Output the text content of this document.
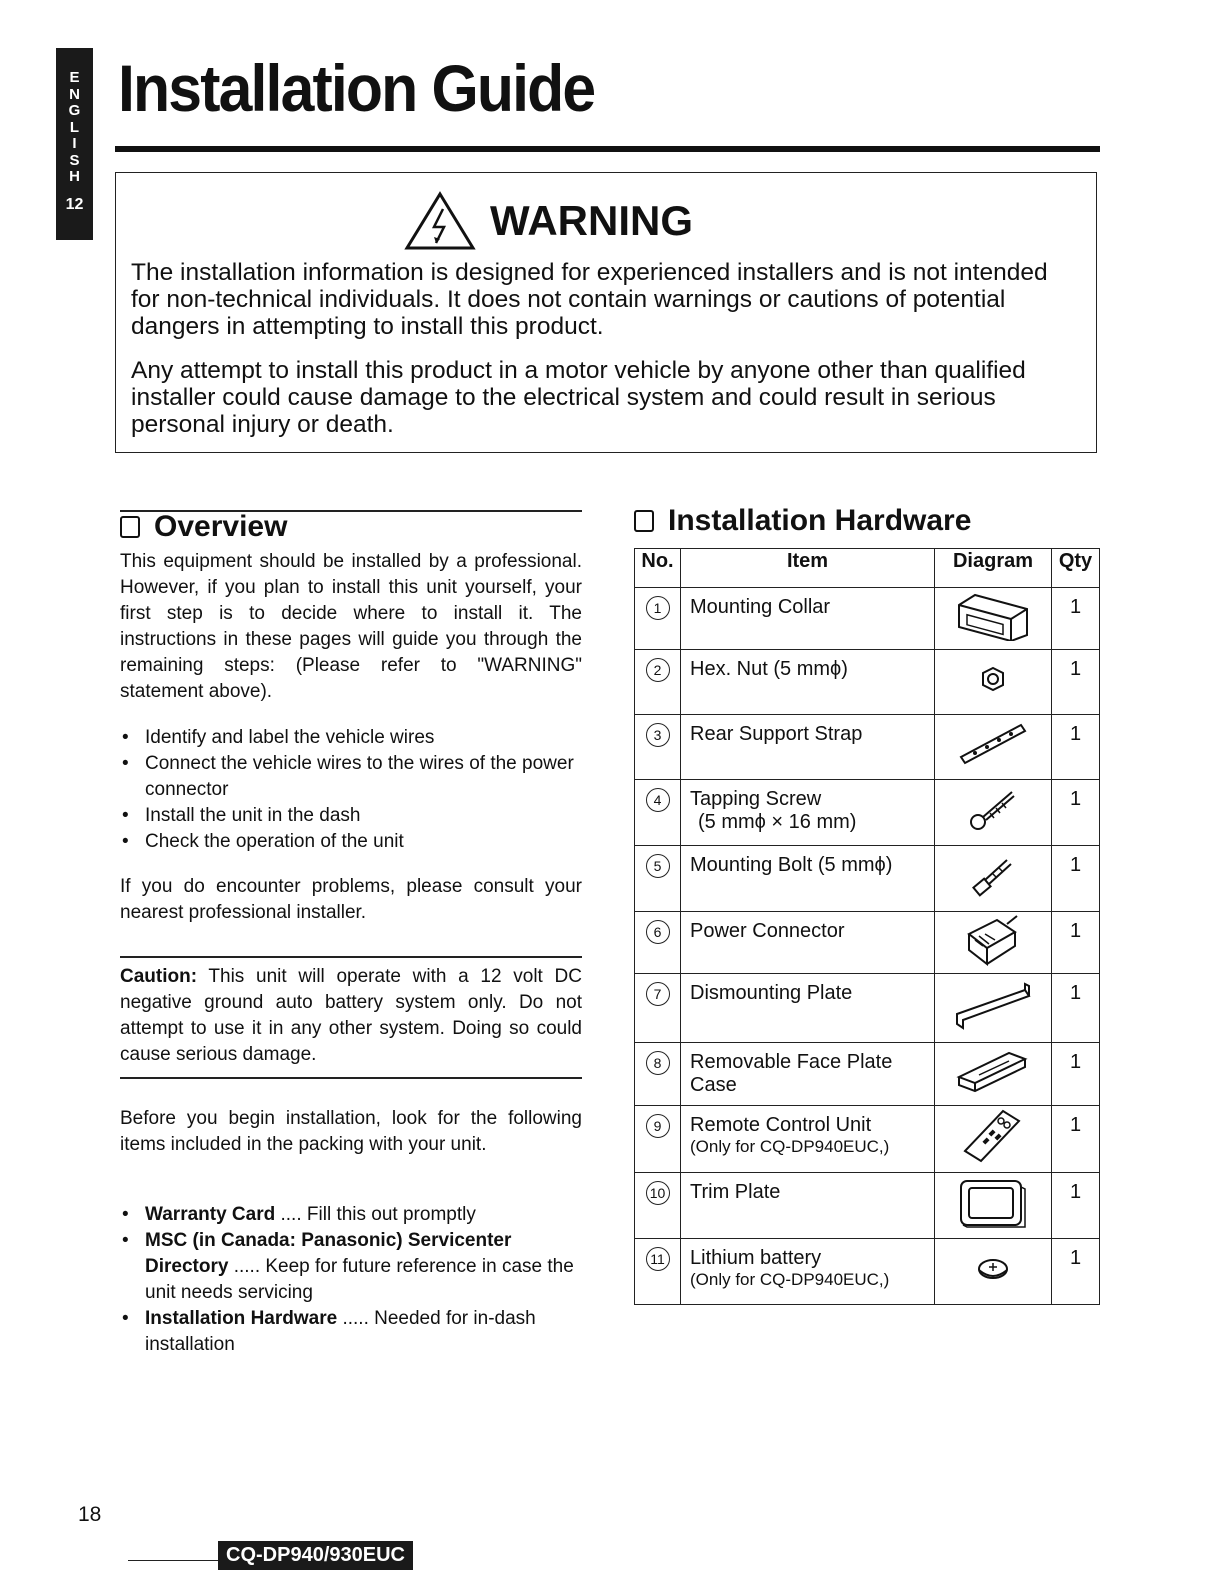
E
N
G
L
I
S
H
12
Installation Guide
WARNING

The installation information is designed for experienced installers and is not intended for non-technical individuals. It does not contain warnings or cautions of potential dangers in attempting to install this product.

Any attempt to install this product in a motor vehicle by anyone other than qualified installer could cause damage to the electrical system and could result in serious personal injury or death.

Overview

This equipment should be installed by a professional. However, if you plan to install this unit yourself, your first step is to decide where to install it. The instructions in these pages will guide you through the remaining steps: (Please refer to "WARNING" statement above).

• Identify and label the vehicle wires
• Connect the vehicle wires to the wires of the power connector
• Install the unit in the dash
• Check the operation of the unit

If you do encounter problems, please consult your nearest professional installer.

Caution: This unit will operate with a 12 volt DC negative ground auto battery system only. Do not attempt to use it in any other system. Doing so could cause serious damage.

Before you begin installation, look for the following items included in the packing with your unit.

• Warranty Card .... Fill this out promptly
• MSC (in Canada: Panasonic) Servicenter Directory ..... Keep for future reference in case the unit needs servicing
• Installation Hardware ..... Needed for in-dash installation
Installation Hardware
No.	Item	Diagram	Qty
1	Mounting Collar		1
2	Hex. Nut (5 mmϕ)		1
3	Rear Support Strap		1
4	Tapping Screw
(5 mmϕ × 16 mm)		1
5	Mounting Bolt (5 mmϕ)		1
6	Power Connector		1
7	Dismounting Plate		1
8	Removable Face Plate Case		1
9	Remote Control Unit
(Only for CQ-DP940EUC,)		1
10	Trim Plate		1
11	Lithium battery
(Only for CQ-DP940EUC,)		1

18

CQ-DP940/930EUC
